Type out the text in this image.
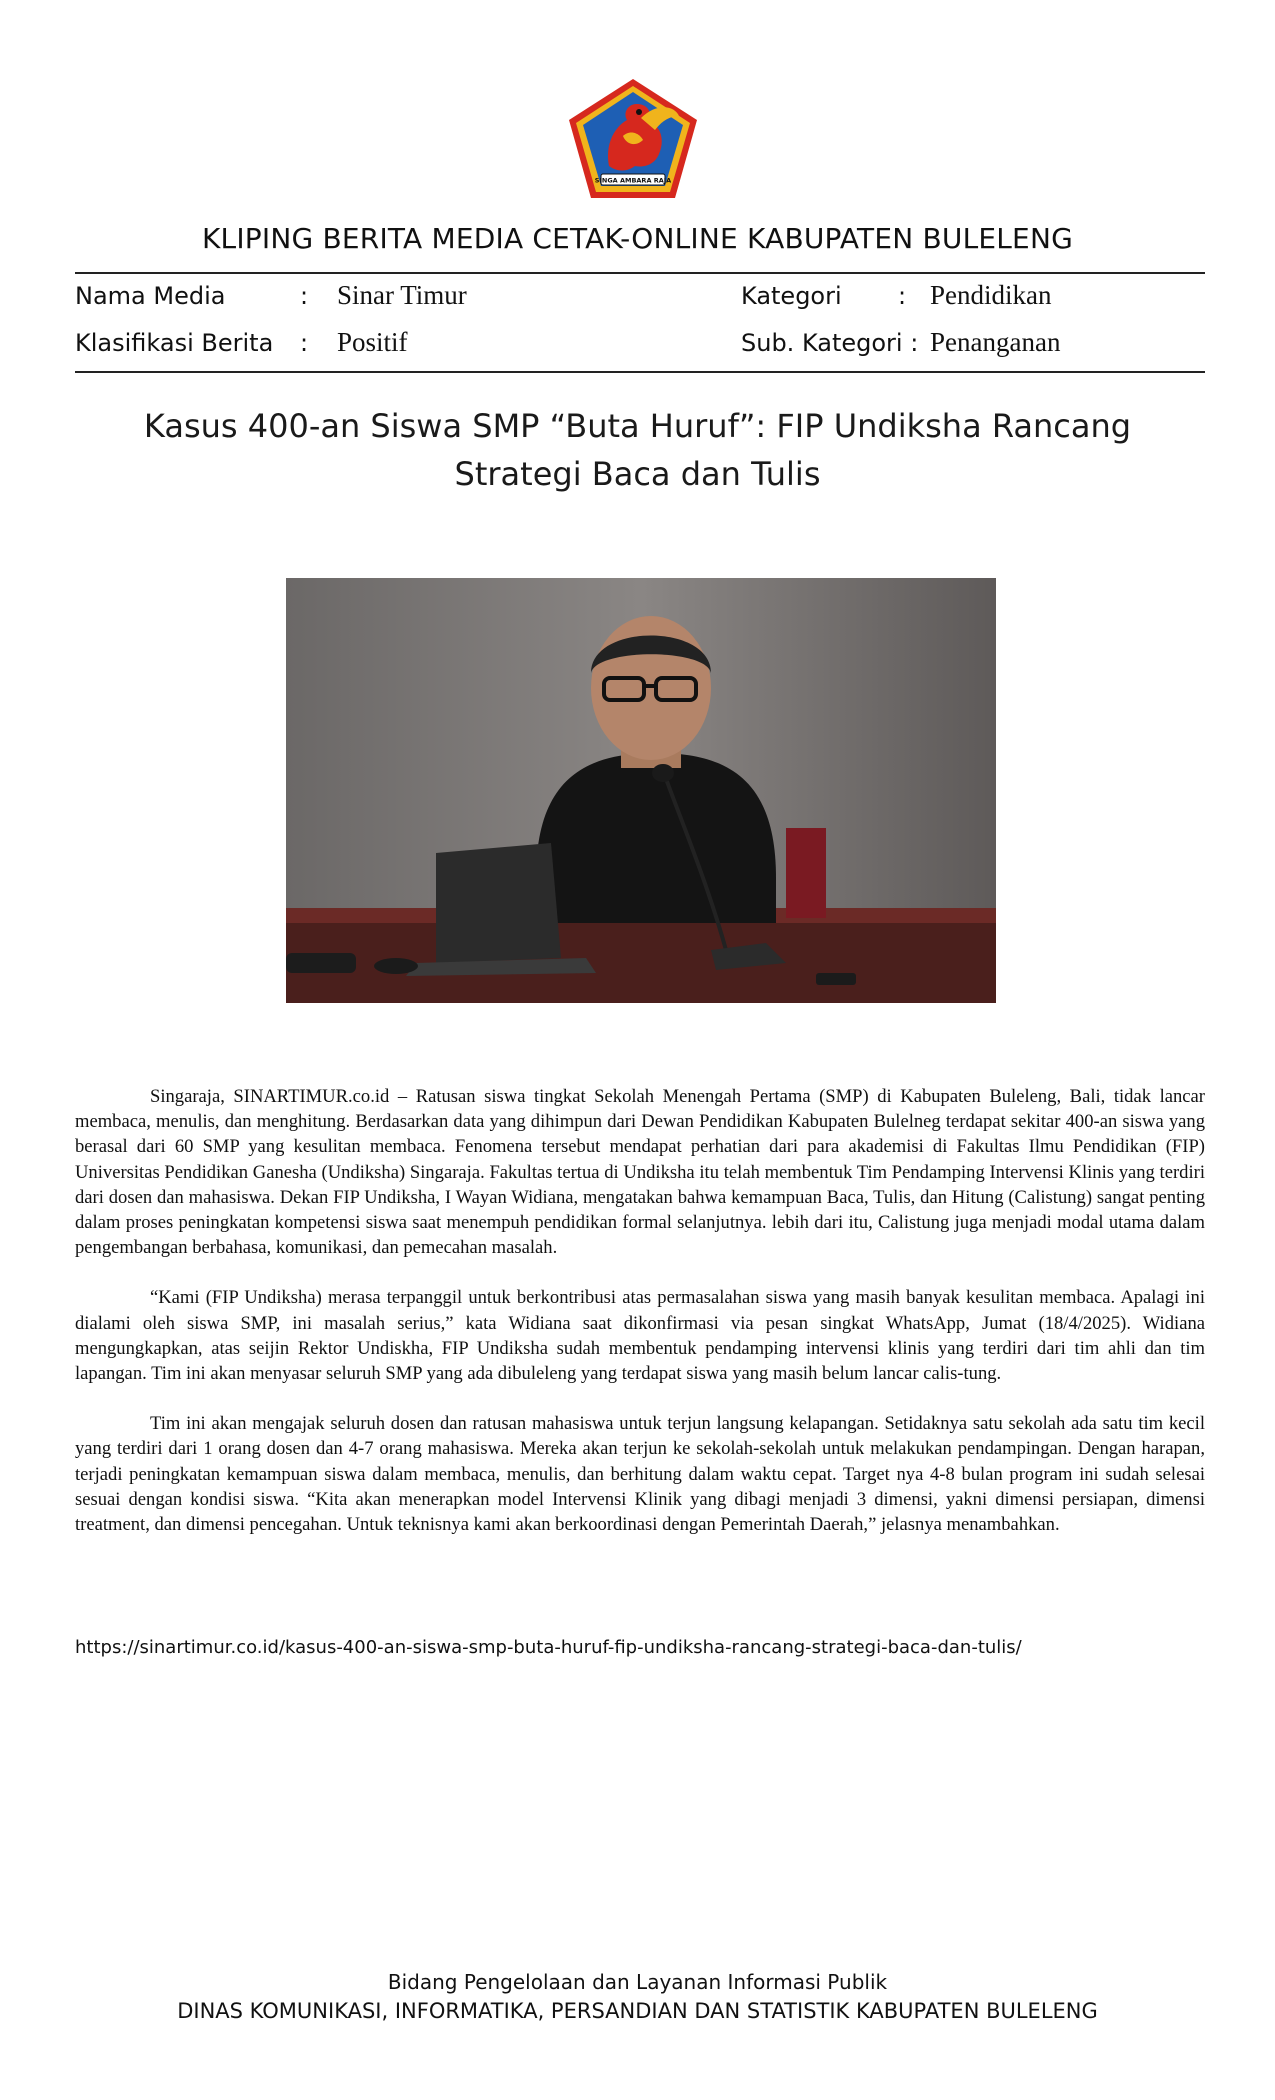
SINGA AMBARA RAJA
KLIPING BERITA MEDIA CETAK-ONLINE KABUPATEN BULELENG
Nama Media	: Sinar Timur
Klasifikasi Berita : Positif
Kategori : Pendidikan
Sub. Kategori : Penanganan
Kasus 400-an Siswa SMP “Buta Huruf”: FIP Undiksha Rancang
Strategi Baca dan Tulis

Singaraja, SINARTIMUR.co.id – Ratusan siswa tingkat Sekolah Menengah Pertama (SMP) di Kabupaten Buleleng, Bali, tidak lancar membaca, menulis, dan menghitung. Berdasarkan data yang dihimpun dari Dewan Pendidikan Kabupaten Bulelneg terdapat sekitar 400-an siswa yang berasal dari 60 SMP yang kesulitan membaca. Fenomena tersebut mendapat perhatian dari para akademisi di Fakultas Ilmu Pendidikan (FIP) Universitas Pendidikan Ganesha (Undiksha) Singaraja. Fakultas tertua di Undiksha itu telah membentuk Tim Pendamping Intervensi Klinis yang terdiri dari dosen dan mahasiswa. Dekan FIP Undiksha, I Wayan Widiana, mengatakan bahwa kemampuan Baca, Tulis, dan Hitung (Calistung) sangat penting dalam proses peningkatan kompetensi siswa saat menempuh pendidikan formal selanjutnya. lebih dari itu, Calistung juga menjadi modal utama dalam pengembangan berbahasa, komunikasi, dan pemecahan masalah.

“Kami (FIP Undiksha) merasa terpanggil untuk berkontribusi atas permasalahan siswa yang masih banyak kesulitan membaca. Apalagi ini dialami oleh siswa SMP, ini masalah serius,” kata Widiana saat dikonfirmasi via pesan singkat WhatsApp, Jumat (18/4/2025). Widiana mengungkapkan, atas seijin Rektor Undiskha, FIP Undiksha sudah membentuk pendamping intervensi klinis yang terdiri dari tim ahli dan tim lapangan. Tim ini akan menyasar seluruh SMP yang ada dibuleleng yang terdapat siswa yang masih belum lancar calis-tung.

Tim ini akan mengajak seluruh dosen dan ratusan mahasiswa untuk terjun langsung kelapangan. Setidaknya satu sekolah ada satu tim kecil yang terdiri dari 1 orang dosen dan 4-7 orang mahasiswa. Mereka akan terjun ke sekolah-sekolah untuk melakukan pendampingan. Dengan harapan, terjadi peningkatan kemampuan siswa dalam membaca, menulis, dan berhitung dalam waktu cepat. Target nya 4-8 bulan program ini sudah selesai sesuai dengan kondisi siswa. “Kita akan menerapkan model Intervensi Klinik yang dibagi menjadi 3 dimensi, yakni dimensi persiapan, dimensi treatment, dan dimensi pencegahan. Untuk teknisnya kami akan berkoordinasi dengan Pemerintah Daerah,” jelasnya menambahkan.

https://sinartimur.co.id/kasus-400-an-siswa-smp-buta-huruf-fip-undiksha-rancang-strategi-baca-dan-tulis/
Bidang Pengelolaan dan Layanan Informasi Publik
DINAS KOMUNIKASI, INFORMATIKA, PERSANDIAN DAN STATISTIK KABUPATEN BULELENG
